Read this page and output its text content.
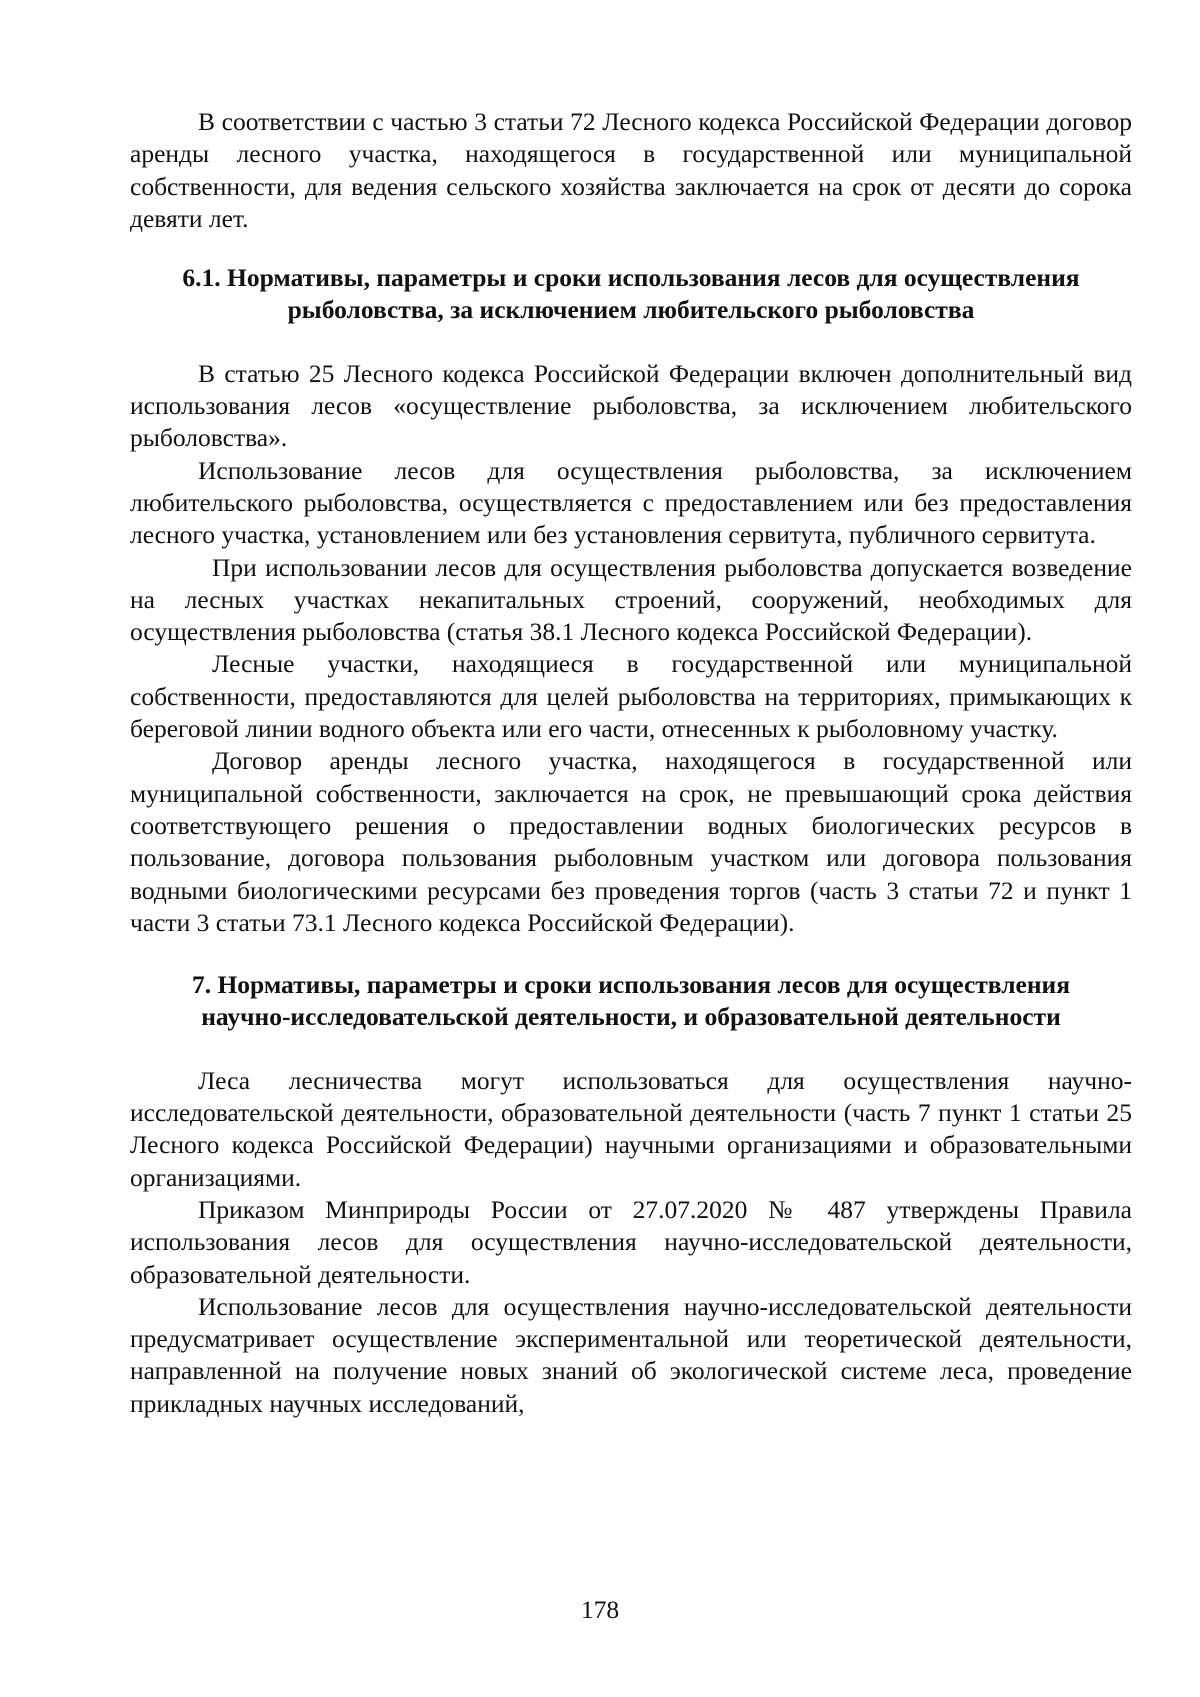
В соответствии с частью 3 статьи 72 Лесного кодекса Российской Федерации договор аренды лесного участка, находящегося в государственной или муниципальной собственности, для ведения сельского хозяйства заключается на срок от десяти до сорока девяти лет.

6.1. Нормативы, параметры и сроки использования лесов для осуществления
рыболовства, за исключением любительского рыболовства

В статью 25 Лесного кодекса Российской Федерации включен дополнительный вид использования лесов «осуществление рыболовства, за исключением любительского рыболовства».

Использование лесов для осуществления рыболовства, за исключением любительского рыболовства, осуществляется с предоставлением или без предоставления лесного участка, установлением или без установления сервитута, публичного сервитута.

При использовании лесов для осуществления рыболовства допускается возведение на лесных участках некапитальных строений, сооружений, необходимых для осуществления рыболовства (статья 38.1 Лесного кодекса Российской Федерации).

Лесные участки, находящиеся в государственной или муниципальной собственности, предоставляются для целей рыболовства на территориях, примыкающих к береговой линии водного объекта или его части, отнесенных к рыболовному участку.

Договор аренды лесного участка, находящегося в государственной или муниципальной собственности, заключается на срок, не превышающий срока действия соответствующего решения о предоставлении водных биологических ресурсов в пользование, договора пользования рыболовным участком или договора пользования водными биологическими ресурсами без проведения торгов (часть 3 статьи 72 и пункт 1 части 3 статьи 73.1 Лесного кодекса Российской Федерации).

7. Нормативы, параметры и сроки использования лесов для осуществления
научно-исследовательской деятельности, и образовательной деятельности

Леса лесничества могут использоваться для осуществления научно-исследовательской деятельности, образовательной деятельности (часть 7 пункт 1 статьи 25 Лесного кодекса Российской Федерации) научными организациями и образовательными организациями.

Приказом Минприроды России от 27.07.2020 № 487 утверждены Правила использования лесов для осуществления научно-исследовательской деятельности, образовательной деятельности.

Использование лесов для осуществления научно-исследовательской деятельности предусматривает осуществление экспериментальной или теоретической деятельности, направленной на получение новых знаний об экологической системе леса, проведение прикладных научных исследований,

178
